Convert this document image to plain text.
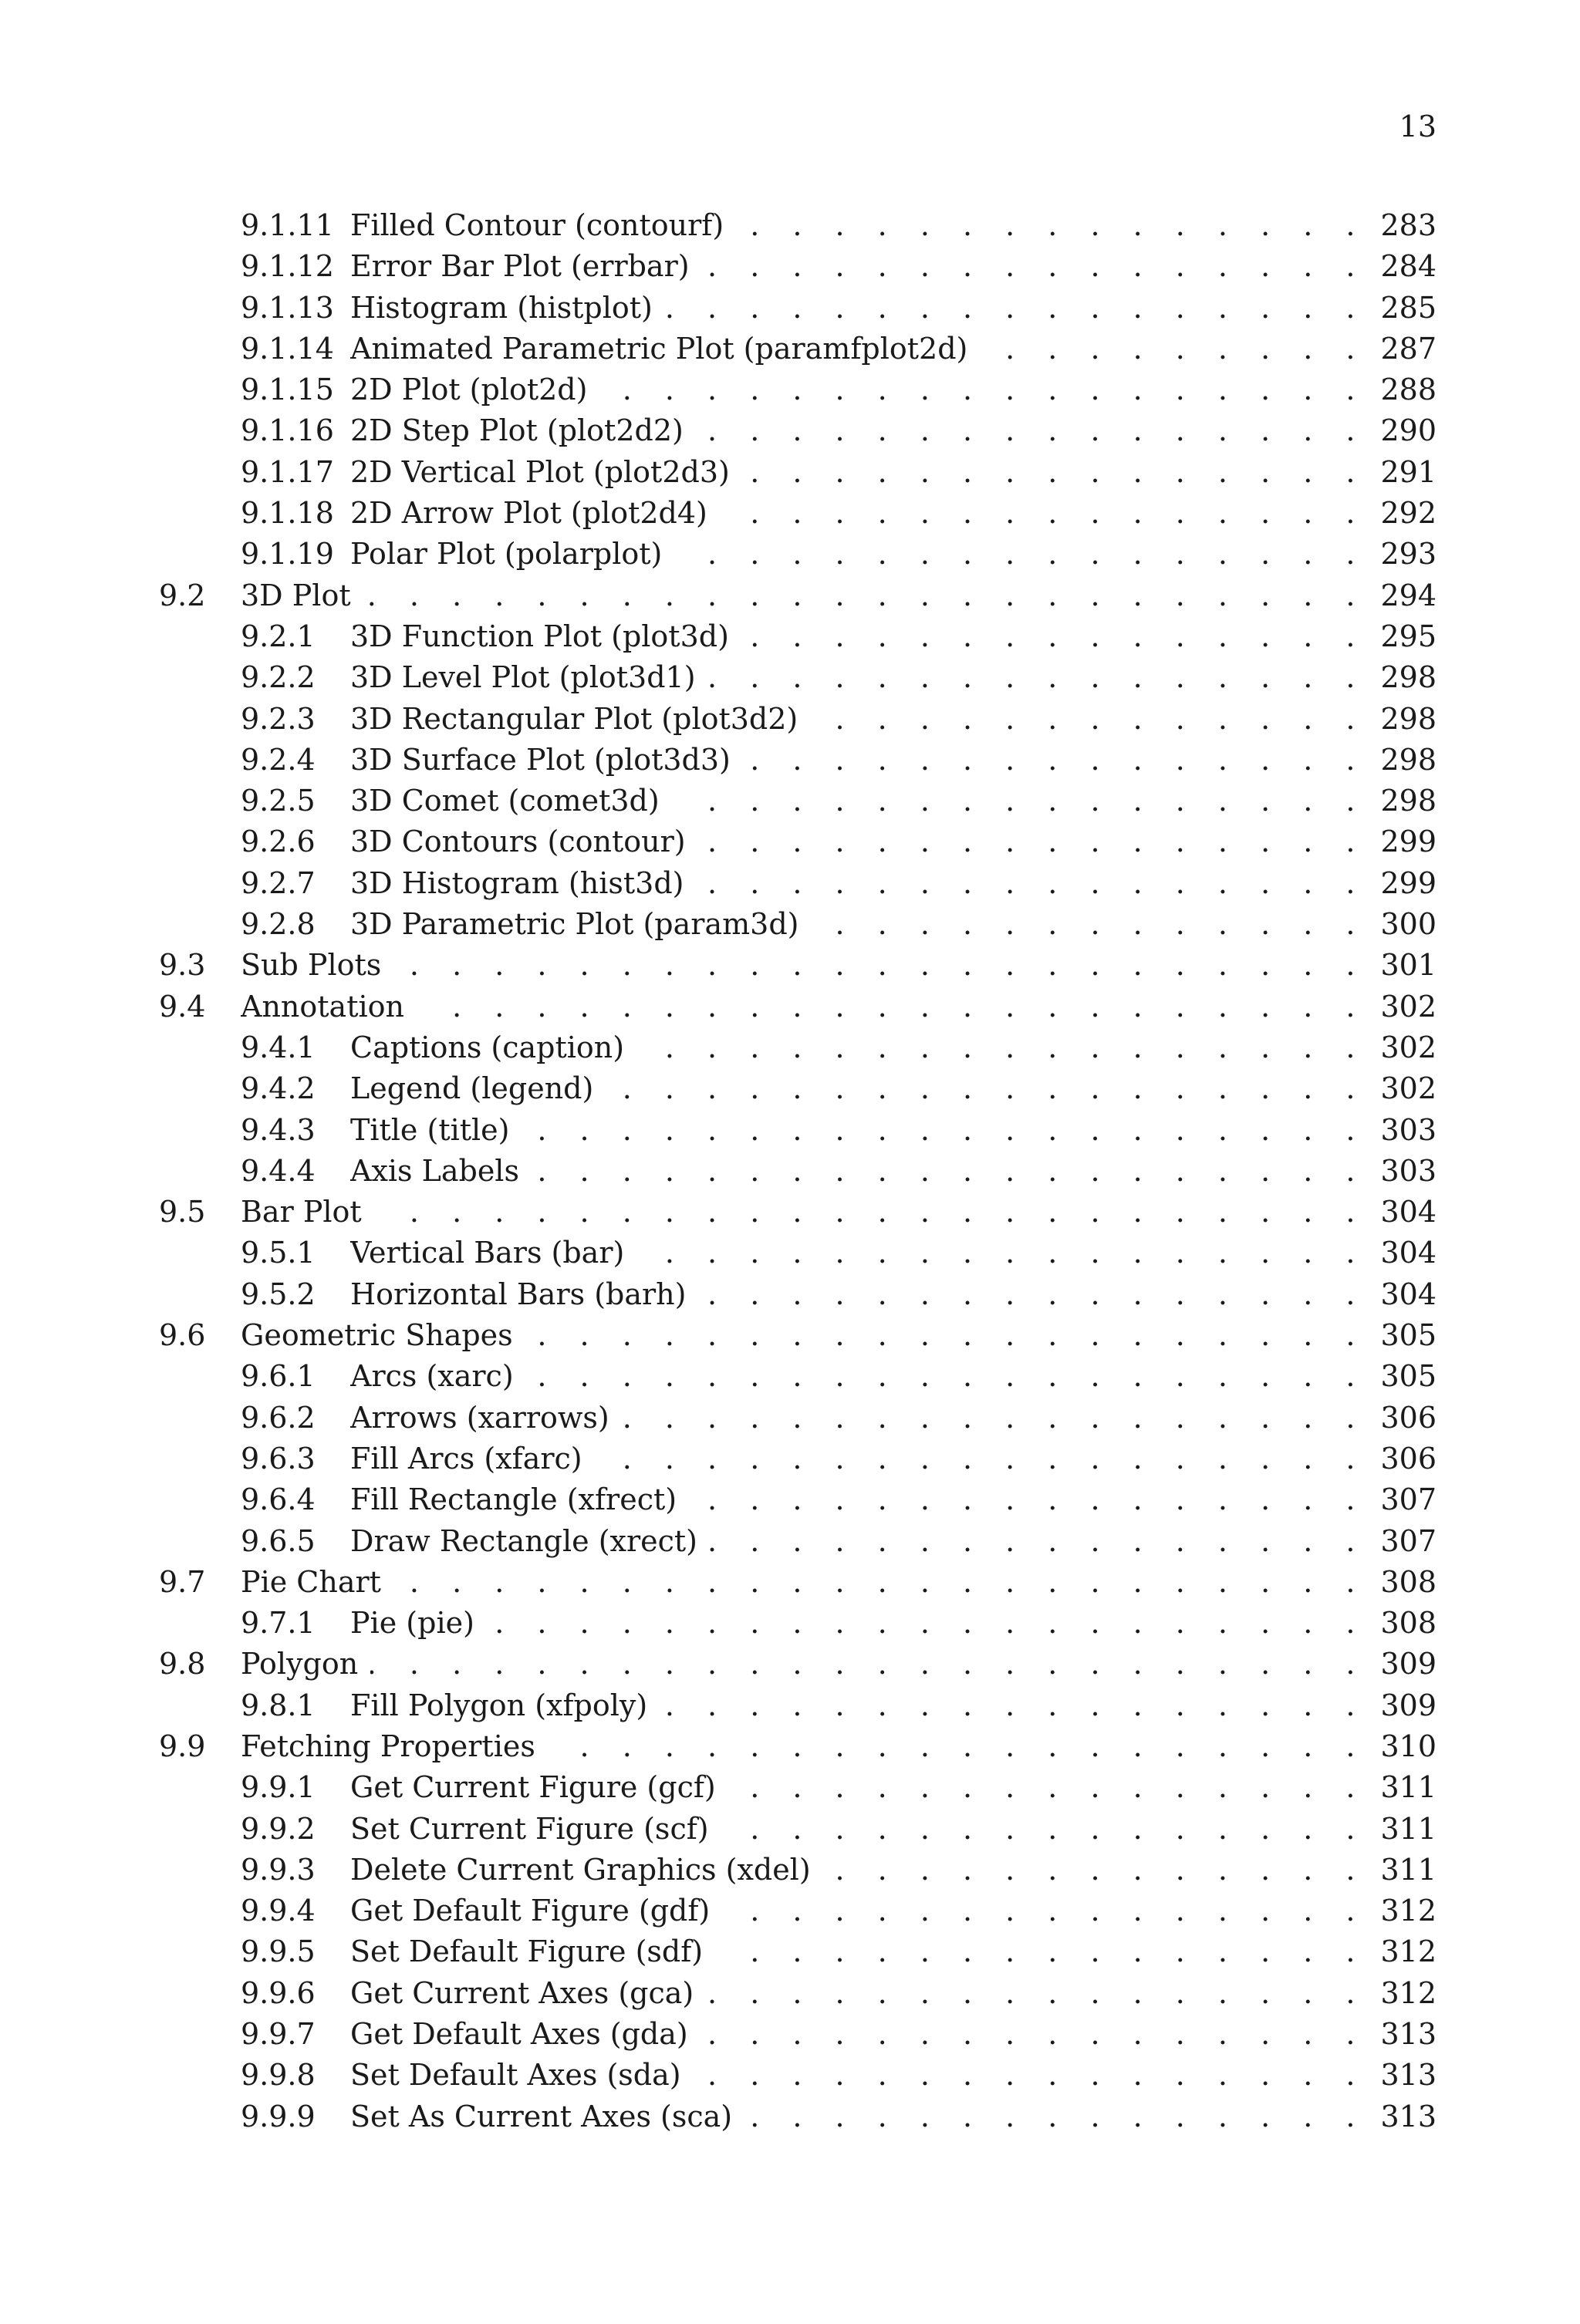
13
9.1.11 Filled Contour (contourf) . . .	283
9.1.12 Error Bar Plot (errbar) . . .	284
9.1.13 Histogram (histplot) . . .	285
9.1.14 Animated Parametric Plot (paramfplot2d) . . .	287
9.1.15 2D Plot (plot2d) . . .	288
9.1.16 2D Step Plot (plot2d2) . . .	290
9.1.17 2D Vertical Plot (plot2d3) . . .	291
9.1.18 2D Arrow Plot (plot2d4) . . .	292
9.1.19 Polar Plot (polarplot) . . .	293
9.2 3D Plot . . .	294
9.2.1 3D Function Plot (plot3d) . . .	295
9.2.2 3D Level Plot (plot3d1) . . .	298
9.2.3 3D Rectangular Plot (plot3d2) . . .	298
9.2.4 3D Surface Plot (plot3d3) . . .	298
9.2.5 3D Comet (comet3d) . . .	298
9.2.6 3D Contours (contour) . . .	299
9.2.7 3D Histogram (hist3d) . . .	299
9.2.8 3D Parametric Plot (param3d) . . .	300
9.3 Sub Plots . . .	301
9.4 Annotation . . .	302
9.4.1 Captions (caption) . . .	302
9.4.2 Legend (legend) . . .	302
9.4.3 Title (title) . . .	303
9.4.4 Axis Labels . . .	303
9.5 Bar Plot . . .	304
9.5.1 Vertical Bars (bar) . . .	304
9.5.2 Horizontal Bars (barh) . . .	304
9.6 Geometric Shapes . . .	305
9.6.1 Arcs (xarc) . . .	305
9.6.2 Arrows (xarrows) . . .	306
9.6.3 Fill Arcs (xfarc) . . .	306
9.6.4 Fill Rectangle (xfrect) . . .	307
9.6.5 Draw Rectangle (xrect) . . .	307
9.7 Pie Chart . . .	308
9.7.1 Pie (pie) . . .	308
9.8 Polygon . . .	309
9.8.1 Fill Polygon (xfpoly) . . .	309
9.9 Fetching Properties . . .	310
9.9.1 Get Current Figure (gcf) . . .	311
9.9.2 Set Current Figure (scf) . . .	311
9.9.3 Delete Current Graphics (xdel) . . .	311
9.9.4 Get Default Figure (gdf) . . .	312
9.9.5 Set Default Figure (sdf) . . .	312
9.9.6 Get Current Axes (gca) . . .	312
9.9.7 Get Default Axes (gda) . . .	313
9.9.8 Set Default Axes (sda) . . .	313
9.9.9 Set As Current Axes (sca) . . .	313
